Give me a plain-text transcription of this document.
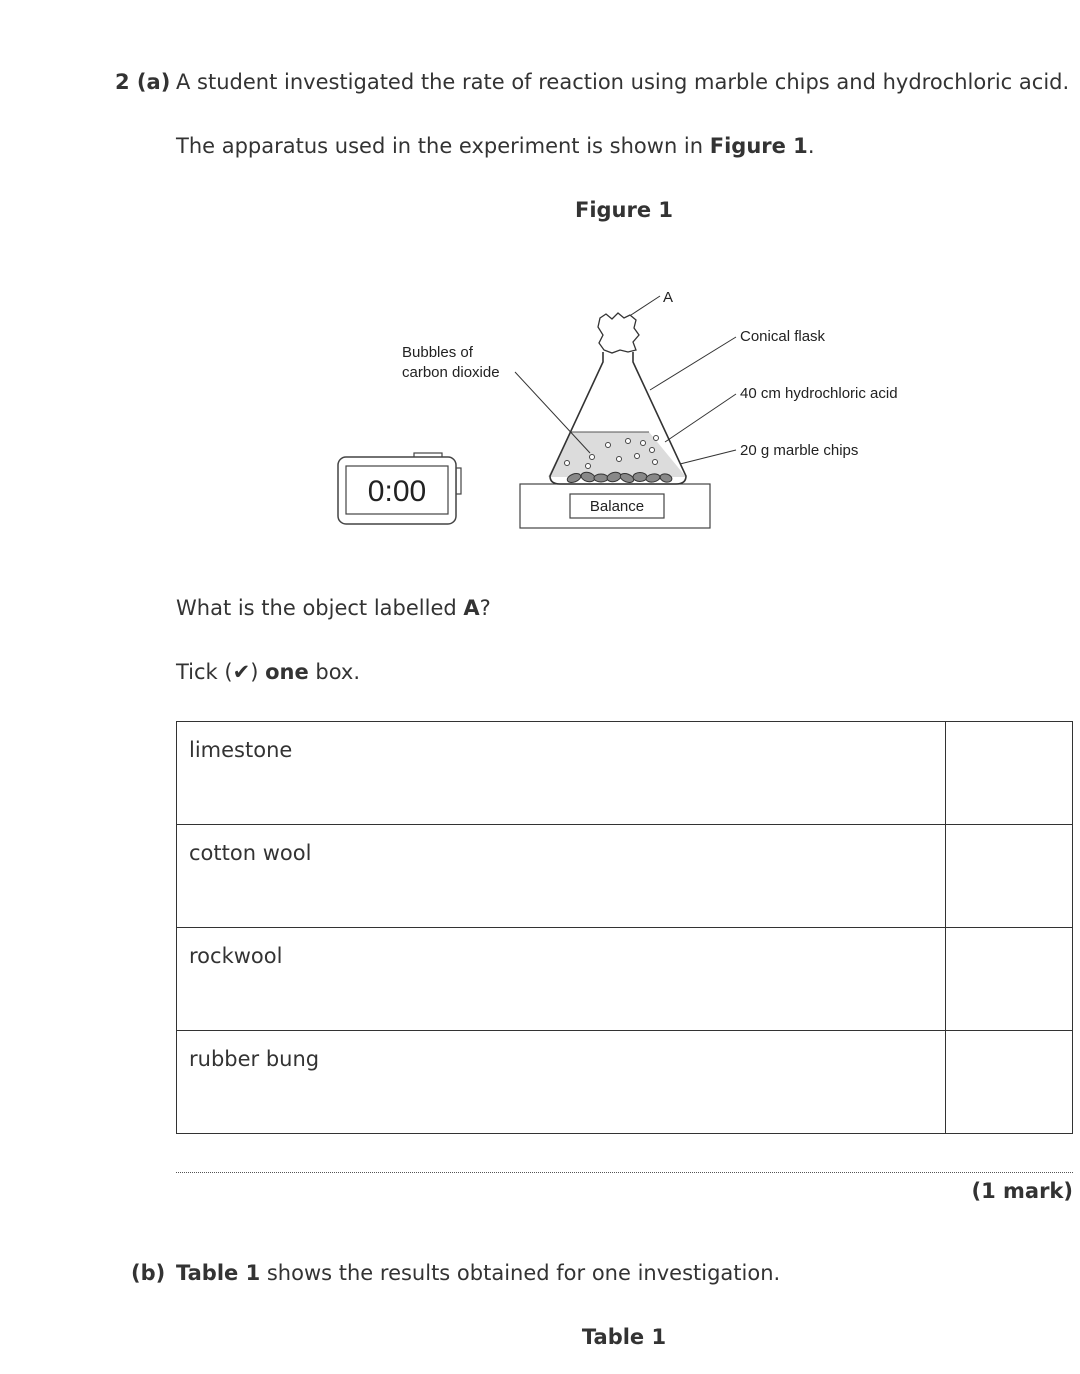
2 (a) A student investigated the rate of reaction using marble chips and hydrochloric acid.
The apparatus used in the experiment is shown in Figure 1.
Figure 1
0:00	Balance
A
Bubbles of
carbon dioxide
Conical flask
40 cm hydrochloric acid
20 g marble chips
What is the object labelled A?
Tick (✔) one box.
limestone	
cotton wool	
rockwool	
rubber bung	
(1 mark)
(b) Table 1 shows the results obtained for one investigation.
Table 1
